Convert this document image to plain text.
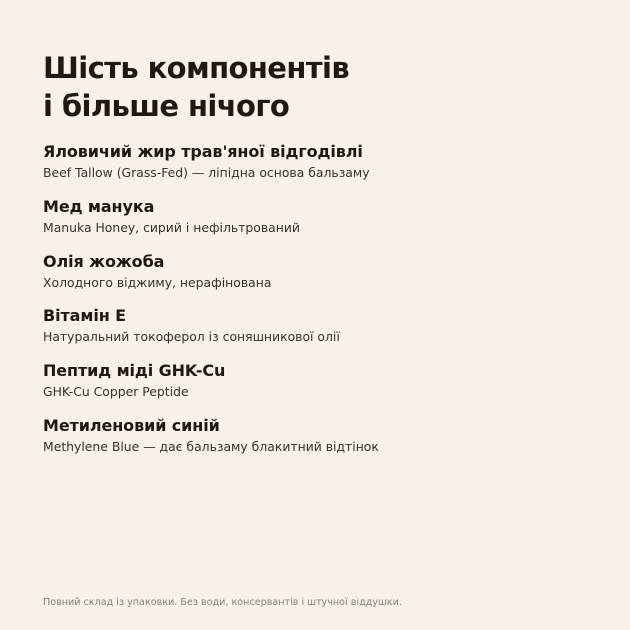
Шість компонентів
і більше нічого
Яловичий жир трав'яної відгодівлі
Beef Tallow (Grass-Fed) — ліпідна основа бальзаму
Мед манука
Manuka Honey, сирий і нефільтрований
Олія жожоба
Холодного віджиму, нерафінована
Вітамін Е
Натуральний токоферол із соняшникової олії
Пептид міді GHK-Cu
GHK-Cu Copper Peptide
Метиленовий синій
Methylene Blue — дає бальзаму блакитний відтінок
Повний склад із упаковки. Без води, консервантів і штучної віддушки.
